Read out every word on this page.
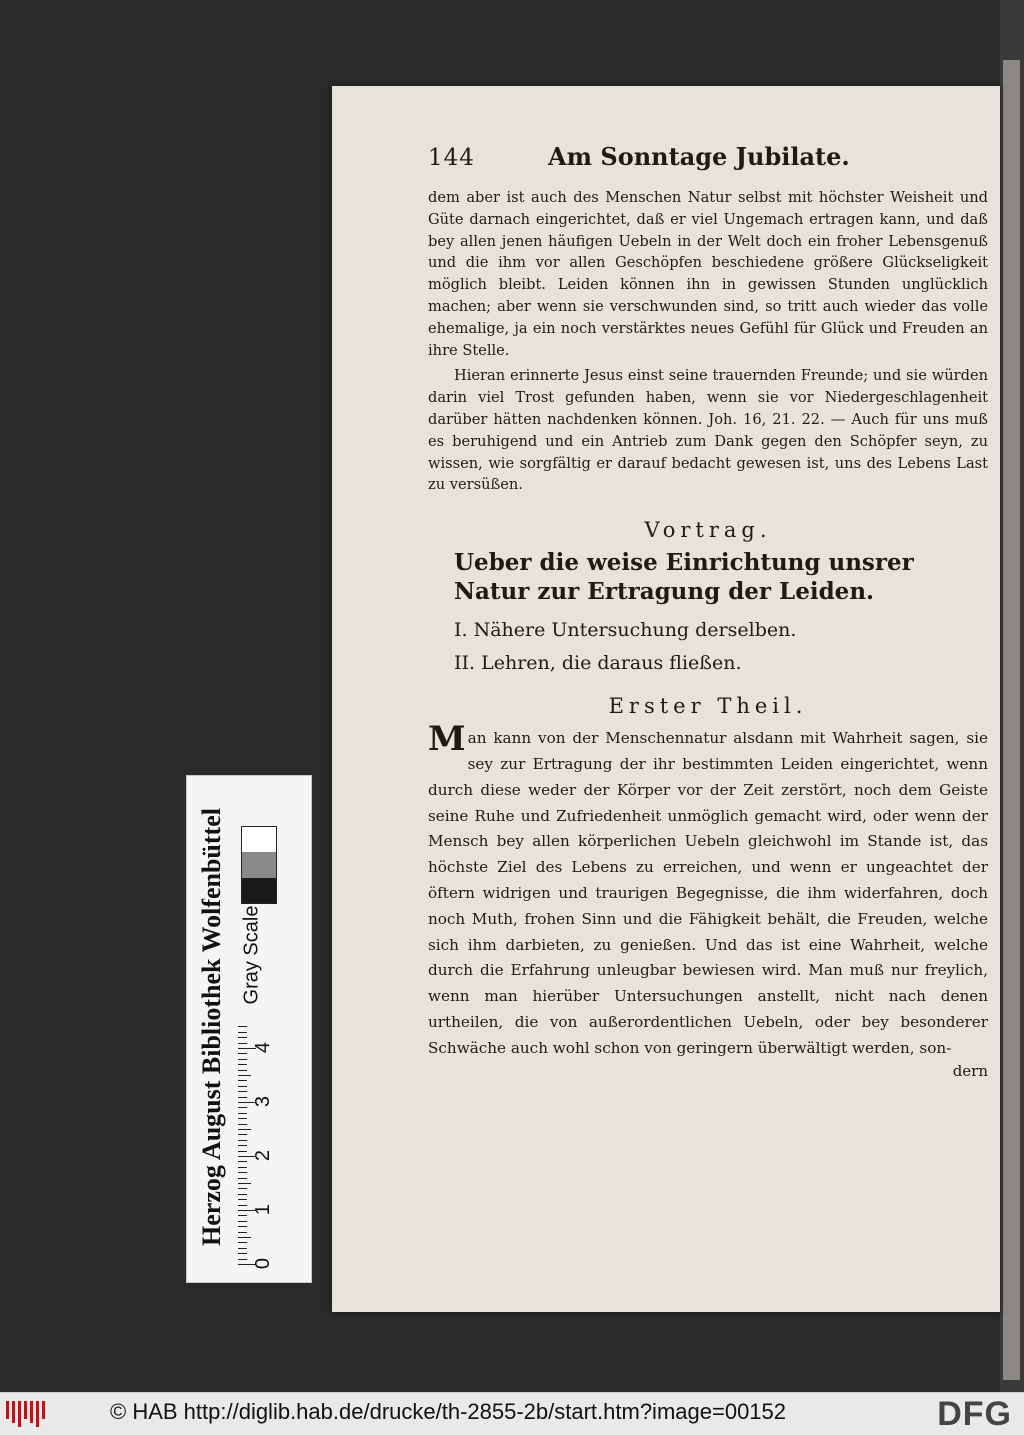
144	Am Sonntage Jubilate.

dem aber ist auch des Menschen Natur selbst mit höchster Weisheit und Güte darnach eingerichtet, daß er viel Ungemach ertragen kann, und daß bey allen jenen häufigen Uebeln in der Welt doch ein froher Lebensgenuß und die ihm vor allen Geschöpfen beschiedene größere Glückseligkeit möglich bleibt. Leiden können ihn in gewissen Stunden unglücklich machen; aber wenn sie verschwunden sind, so tritt auch wieder das volle ehemalige, ja ein noch verstärktes neues Gefühl für Glück und Freuden an ihre Stelle.

Hieran erinnerte Jesus einst seine trauernden Freunde; und sie würden darin viel Trost gefunden haben, wenn sie vor Niedergeschlagenheit darüber hätten nachdenken können. Joh. 16, 21. 22. — Auch für uns muß es beruhigend und ein Antrieb zum Dank gegen den Schöpfer seyn, zu wissen, wie sorgfältig er darauf bedacht gewesen ist, uns des Lebens Last zu versüßen.

Vortrag.
Ueber die weise Einrichtung unsrer Natur zur Ertragung der Leiden.
I. Nähere Untersuchung derselben.
II. Lehren, die daraus fließen.
Erster Theil.

Man kann von der Menschennatur alsdann mit Wahrheit sagen, sie sey zur Ertragung der ihr bestimmten Leiden eingerichtet, wenn durch diese weder der Körper vor der Zeit zerstört, noch dem Geiste seine Ruhe und Zufriedenheit unmöglich gemacht wird, oder wenn der Mensch bey allen körperlichen Uebeln gleichwohl im Stande ist, das höchste Ziel des Lebens zu erreichen, und wenn er ungeachtet der öftern widrigen und traurigen Begegnisse, die ihm widerfahren, doch noch Muth, frohen Sinn und die Fähigkeit behält, die Freuden, welche sich ihm darbieten, zu genießen. Und das ist eine Wahrheit, welche durch die Erfahrung unleugbar bewiesen wird. Man muß nur freylich, wenn man hierüber Untersuchungen anstellt, nicht nach denen urtheilen, die von außerordentlichen Uebeln, oder bey besonderer Schwäche auch wohl schon von geringern überwältigt werden, son-

dern
Herzog August Bibliothek Wolfenbüttel Gray Scale
0
1
2
3
4
© HAB http://diglib.hab.de/drucke/th-2855-2b/start.htm?image=00152	DFG
